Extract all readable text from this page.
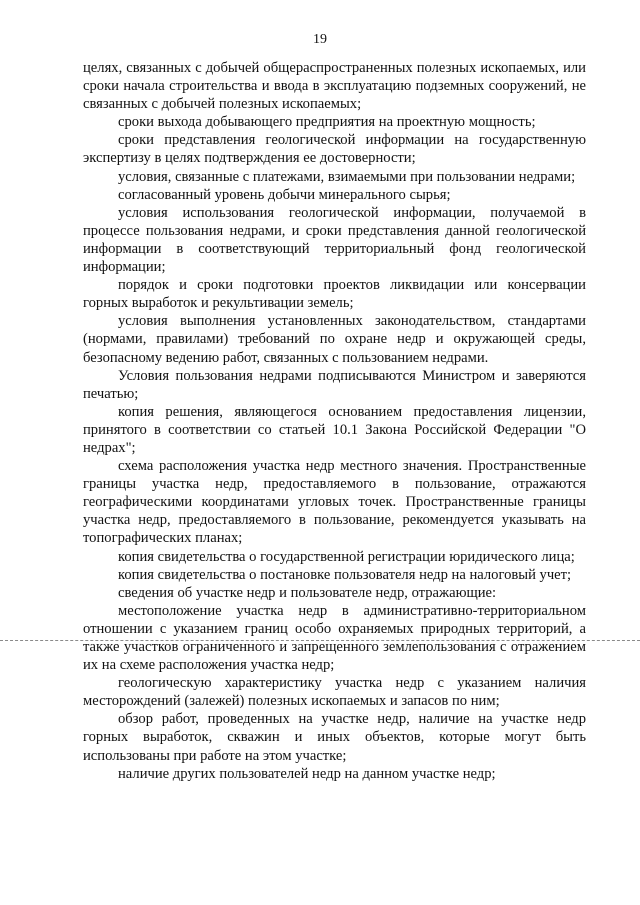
19

целях, связанных с добычей общераспространенных полезных ископаемых, или сроки начала строительства и ввода в эксплуатацию подземных сооружений, не связанных с добычей полезных ископаемых;

сроки выхода добывающего предприятия на проектную мощность;

сроки представления геологической информации на государственную экспертизу в целях подтверждения ее достоверности;

условия, связанные с платежами, взимаемыми при пользовании недрами;

согласованный уровень добычи минерального сырья;

условия использования геологической информации, получаемой в процессе пользования недрами, и сроки представления данной геологической информации в соответствующий территориальный фонд геологической информации;

порядок и сроки подготовки проектов ликвидации или консервации горных выработок и рекультивации земель;

условия выполнения установленных законодательством, стандартами (нормами, правилами) требований по охране недр и окружающей среды, безопасному ведению работ, связанных с пользованием недрами.

Условия пользования недрами подписываются Министром и заверяются печатью;

копия решения, являющегося основанием предоставления лицензии, принятого в соответствии со статьей 10.1 Закона Российской Федерации "О недрах";

схема расположения участка недр местного значения. Пространственные границы участка недр, предоставляемого в пользование, отражаются географическими координатами угловых точек. Пространственные границы участка недр, предоставляемого в пользование, рекомендуется указывать на топографических планах;

копия свидетельства о государственной регистрации юридического лица;

копия свидетельства о постановке пользователя недр на налоговый учет;

сведения об участке недр и пользователе недр, отражающие:

местоположение участка недр в административно-территориальном отношении с указанием границ особо охраняемых природных территорий, а также участков ограниченного и запрещенного землепользования с отражением их на схеме расположения участка недр;

геологическую характеристику участка недр с указанием наличия месторождений (залежей) полезных ископаемых и запасов по ним;

обзор работ, проведенных на участке недр, наличие на участке недр горных выработок, скважин и иных объектов, которые могут быть использованы при работе на этом участке;

наличие других пользователей недр на данном участке недр;
